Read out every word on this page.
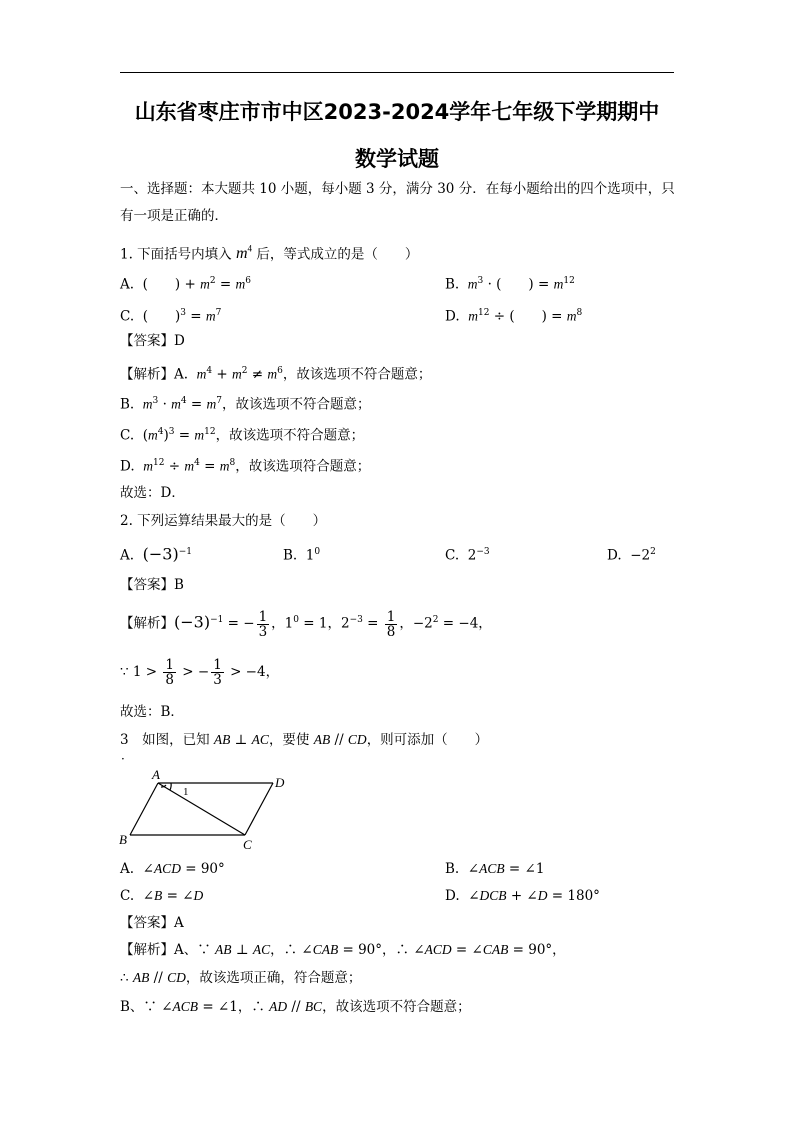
山东省枣庄市市中区2023-2024学年七年级下学期期中
数学试题
一、选择题：本大题共 10 小题，每小题 3 分，满分 30 分．在每小题给出的四个选项中，只
有一项是正确的．
1. 下面括号内填入 $m^4$ 后，等式成立的是（　　）
A.  (　　) + $m^2 = m^6$	B.  $m^3$ · (　　) = $m^{12}$
C.  (　　)$^3 = m^7$	D.  $m^{12}$ ÷ (　　) = $m^8$
【答案】D
【解析】A. $m^4 + m^2 \ne m^6$，故该选项不符合题意；
B.  $m^3 \cdot m^4 = m^7$，故该选项不符合题意；
C.  $(m^4)^3 = m^{12}$，故该选项不符合题意；
D.  $m^{12} \div m^4 = m^8$，故该选项符合题意；
故选：D．
2. 下列运算结果最大的是（　　）
A.  $(-3)^{-1}$	B.  $1^0$	C.  $2^{-3}$	D.  $-2^2$
【答案】B
【解析】$(-3)^{-1}$ = − $\frac{1}{3}$ ，$1^0 = 1$，$2^{-3} = \frac{1}{8}$ ，$-2^2 = -4$，
∵ $1 > \frac{1}{8}$ > − $\frac{1}{3} > -4$，
故选：B．
3　如图，已知 AB ⊥ AC，要使 AB // CD，则可添加（　　）
·
A
D
B	C
1
A.  ∠ACD = 90°	B.  ∠ACB = ∠1
C.  ∠B = ∠D	D.  ∠DCB + ∠D = 180°
【答案】A
【解析】A、∵ AB ⊥ AC，∴ ∠CAB = 90°，∴ ∠ACD = ∠CAB = 90°，
∴ AB // CD，故该选项正确，符合题意；
B、∵ ∠ACB = ∠1，∴ AD // BC，故该选项不符合题意；
